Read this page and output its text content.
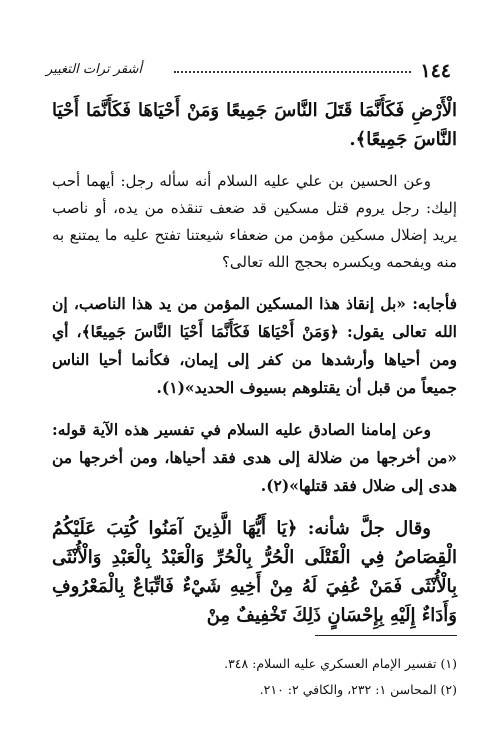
١٤٤
أشقر ترات التغيير

الْأَرْضِ فَكَأَنَّمَا قَتَلَ النَّاسَ جَمِيعًا وَمَنْ أَحْيَاهَا فَكَأَنَّمَا أَحْيَا النَّاسَ جَمِيعًا﴾.

وعن الحسين بن علي عليه السلام أنه سأله رجل: أيهما أحب إليك: رجل يروم قتل مسكين قد ضعف تنقذه من يده، أو ناصب يريد إضلال مسكين مؤمن من ضعفاء شيعتنا تفتح عليه ما يمتنع به منه ويفحمه ويكسره بحجج الله تعالى؟

فأجابه: «بل إنقاذ هذا المسكين المؤمن من يد هذا الناصب، إن الله تعالى يقول: ﴿وَمَنْ أَحْيَاهَا فَكَأَنَّمَا أَحْيَا النَّاسَ جَمِيعًا﴾، أي ومن أحياها وأرشدها من كفر إلى إيمان، فكأنما أحيا الناس جميعاً من قبل أن يقتلوهم بسيوف الحديد»(١).

وعن إمامنا الصادق عليه السلام في تفسير هذه الآية قوله: «من أخرجها من ضلالة إلى هدى فقد أحياها، ومن أخرجها من هدى إلى ضلال فقد قتلها»(٢).

وقال جلَّ شأنه: ﴿يَا أَيُّهَا الَّذِينَ آمَنُوا كُتِبَ عَلَيْكُمُ الْقِصَاصُ فِي الْقَتْلَى الْحُرُّ بِالْحُرِّ وَالْعَبْدُ بِالْعَبْدِ وَالْأُنْثَى بِالْأُنْثَى فَمَنْ عُفِيَ لَهُ مِنْ أَخِيهِ شَيْءٌ فَاتِّبَاعٌ بِالْمَعْرُوفِ وَأَدَاءٌ إِلَيْهِ بِإِحْسَانٍ ذَلِكَ تَخْفِيفٌ مِنْ

(١) تفسير الإمام العسكري عليه السلام: ٣٤٨.
(٢) المحاسن ١: ٢٣٢، والكافي ٢: ٢١٠.
